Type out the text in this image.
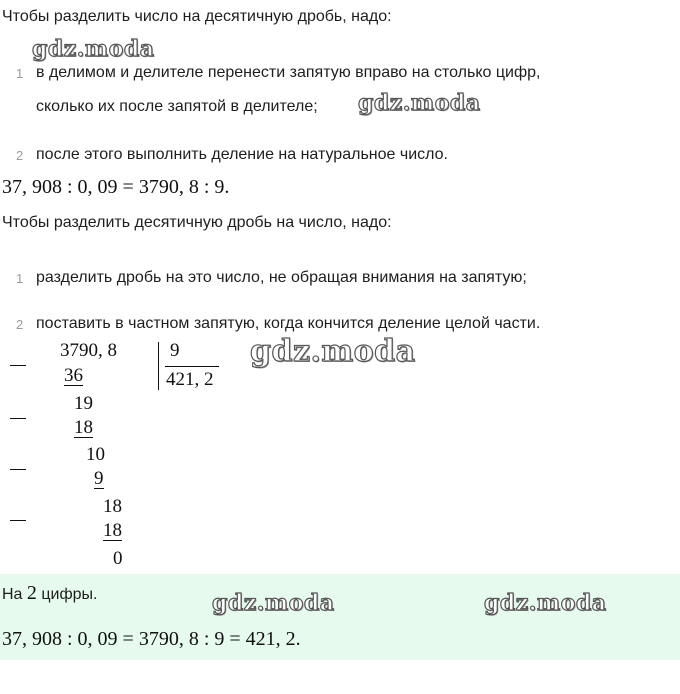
Чтобы разделить число на десятичную дробь, надо:
gdz.moda
1 в делимом и делителе перенести запятую вправо на столько цифр,
сколько их после запятой в делителе; gdz.moda
2 после этого выполнить деление на натуральное число.
37, 908 : 0, 09 = 3790, 8 : 9.
Чтобы разделить десятичную дробь на число, надо:
1 разделить дробь на это число, не обращая внимания на запятую;
2 поставить в частном запятую, когда кончится деление целой части.
3790, 8	9
421, 2
36
19
18
10
9
18
18
0
gdz.moda
На 2 цифры.	gdz.moda	gdz.moda
37, 908 : 0, 09 = 3790, 8 : 9 = 421, 2.
